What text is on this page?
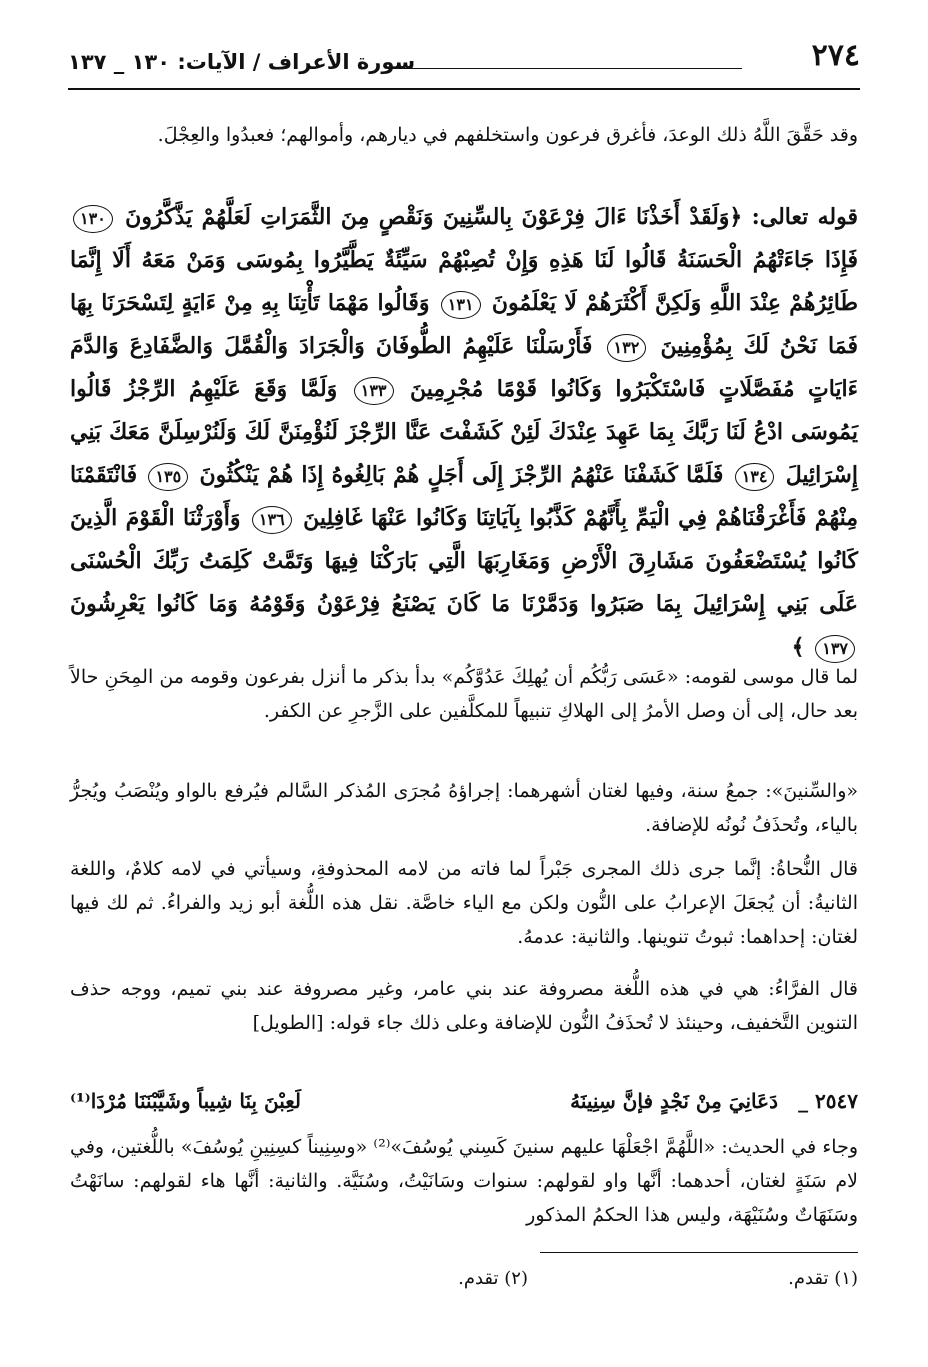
٢٧٤
سورة الأعراف / الآيات: ١٣٠ _ ١٣٧

وقد حَقَّقَ اللَّهُ ذلك الوعدَ، فأغرق فرعون واستخلفهم في ديارهم، وأموالهم؛ فعبدُوا والعِجْلَ.

قوله تعالى: ﴿وَلَقَدْ أَخَذْنَا ءَالَ فِرْعَوْنَ بِالسِّنِينَ وَنَقْصٍ مِنَ الثَّمَرَاتِ لَعَلَّهُمْ يَذَّكَّرُونَ ١٣٠ فَإِذَا جَاءَتْهُمُ الْحَسَنَةُ قَالُوا لَنَا هَذِهِ وَإِنْ تُصِبْهُمْ سَيِّئَةٌ يَطَّيَّرُوا بِمُوسَى وَمَنْ مَعَهُ أَلَا إِنَّمَا طَائِرُهُمْ عِنْدَ اللَّهِ وَلَكِنَّ أَكْثَرَهُمْ لَا يَعْلَمُونَ ١٣١ وَقَالُوا مَهْمَا تَأْتِنَا بِهِ مِنْ ءَايَةٍ لِتَسْحَرَنَا بِهَا فَمَا نَحْنُ لَكَ بِمُؤْمِنِينَ ١٣٢ فَأَرْسَلْنَا عَلَيْهِمُ الطُّوفَانَ وَالْجَرَادَ وَالْقُمَّلَ وَالضَّفَادِعَ وَالدَّمَ ءَايَاتٍ مُفَصَّلَاتٍ فَاسْتَكْبَرُوا وَكَانُوا قَوْمًا مُجْرِمِينَ ١٣٣ وَلَمَّا وَقَعَ عَلَيْهِمُ الرِّجْزُ قَالُوا يَمُوسَى ادْعُ لَنَا رَبَّكَ بِمَا عَهِدَ عِنْدَكَ لَئِنْ كَشَفْتَ عَنَّا الرِّجْزَ لَنُؤْمِنَنَّ لَكَ وَلَنُرْسِلَنَّ مَعَكَ بَنِي إِسْرَائِيلَ ١٣٤ فَلَمَّا كَشَفْنَا عَنْهُمُ الرِّجْزَ إِلَى أَجَلٍ هُمْ بَالِغُوهُ إِذَا هُمْ يَنْكُثُونَ ١٣٥ فَانْتَقَمْنَا مِنْهُمْ فَأَغْرَقْنَاهُمْ فِي الْيَمِّ بِأَنَّهُمْ كَذَّبُوا بِآيَاتِنَا وَكَانُوا عَنْهَا غَافِلِينَ ١٣٦ وَأَوْرَثْنَا الْقَوْمَ الَّذِينَ كَانُوا يُسْتَضْعَفُونَ مَشَارِقَ الْأَرْضِ وَمَغَارِبَهَا الَّتِي بَارَكْنَا فِيهَا وَتَمَّتْ كَلِمَتُ رَبِّكَ الْحُسْنَى عَلَى بَنِي إِسْرَائِيلَ بِمَا صَبَرُوا وَدَمَّرْنَا مَا كَانَ يَصْنَعُ فِرْعَوْنُ وَقَوْمُهُ وَمَا كَانُوا يَعْرِشُونَ ١٣٧ ﴾

لما قال موسى لقومه: «عَسَى رَبُّكُم أن يُهلِكَ عَدُوَّكُم» بدأ بذكر ما أنزل بفرعون وقومه من المِحَنِ حالاً بعد حال، إلى أن وصل الأمرُ إلى الهلاكِ تنبيهاً للمكلَّفين على الزَّجرِ عن الكفر.

«والسِّنينَ»: جمعُ سنة، وفيها لغتان أشهرهما: إجراؤهُ مُجرَى المُذكر السَّالم فيُرفع بالواو ويُنْصَبُ ويُجرُّ بالياء، وتُحذَفُ نُونُه للإضافة.

قال النُّحاةُ: إنَّما جرى ذلك المجرى جَبْراً لما فاته من لامه المحذوفةِ، وسيأتي في لامه كلامٌ، واللغة الثانيةُ: أن يُجعَلَ الإعرابُ على النُّون ولكن مع الياء خاصَّة. نقل هذه اللُّغة أبو زيد والفراءُ. ثم لك فيها لغتان: إحداهما: ثبوتُ تنوينها. والثانية: عدمهُ.

قال الفرَّاءُ: هي في هذه اللُّغة مصروفة عند بني عامر، وغير مصروفة عند بني تميم، ووجه حذف التنوين التَّخفيف، وحينئذ لا تُحذَفُ النُّون للإضافة وعلى ذلك جاء قوله: [الطويل]

٢٥٤٧ _
دَعَانِيَ مِنْ نَجْدٍ فإنَّ سِنِينَهُ
لَعِبْنَ بِنَا شِيباً وشَيَّبْنَنَا مُرْدَا⁽¹⁾

وجاء في الحديث: «اللَّهُمَّ اجْعَلْهَا عليهم سنينَ كَسِني يُوسُفَ»⁽²⁾ «وسِنِيناً كسِنِينِ يُوسُفَ» باللُّغتين، وفي لام سَنَةٍ لغتان، أحدهما: أنَّها واو لقولهم: سنوات وسَانَيْتُ، وسُنَيَّة. والثانية: أنَّها هاء لقولهم: سانَهْتُ وسَنَهَاتٌ وسُنَيْهَة، وليس هذا الحكمُ المذكور

(١) تقدم.
(٢) تقدم.
